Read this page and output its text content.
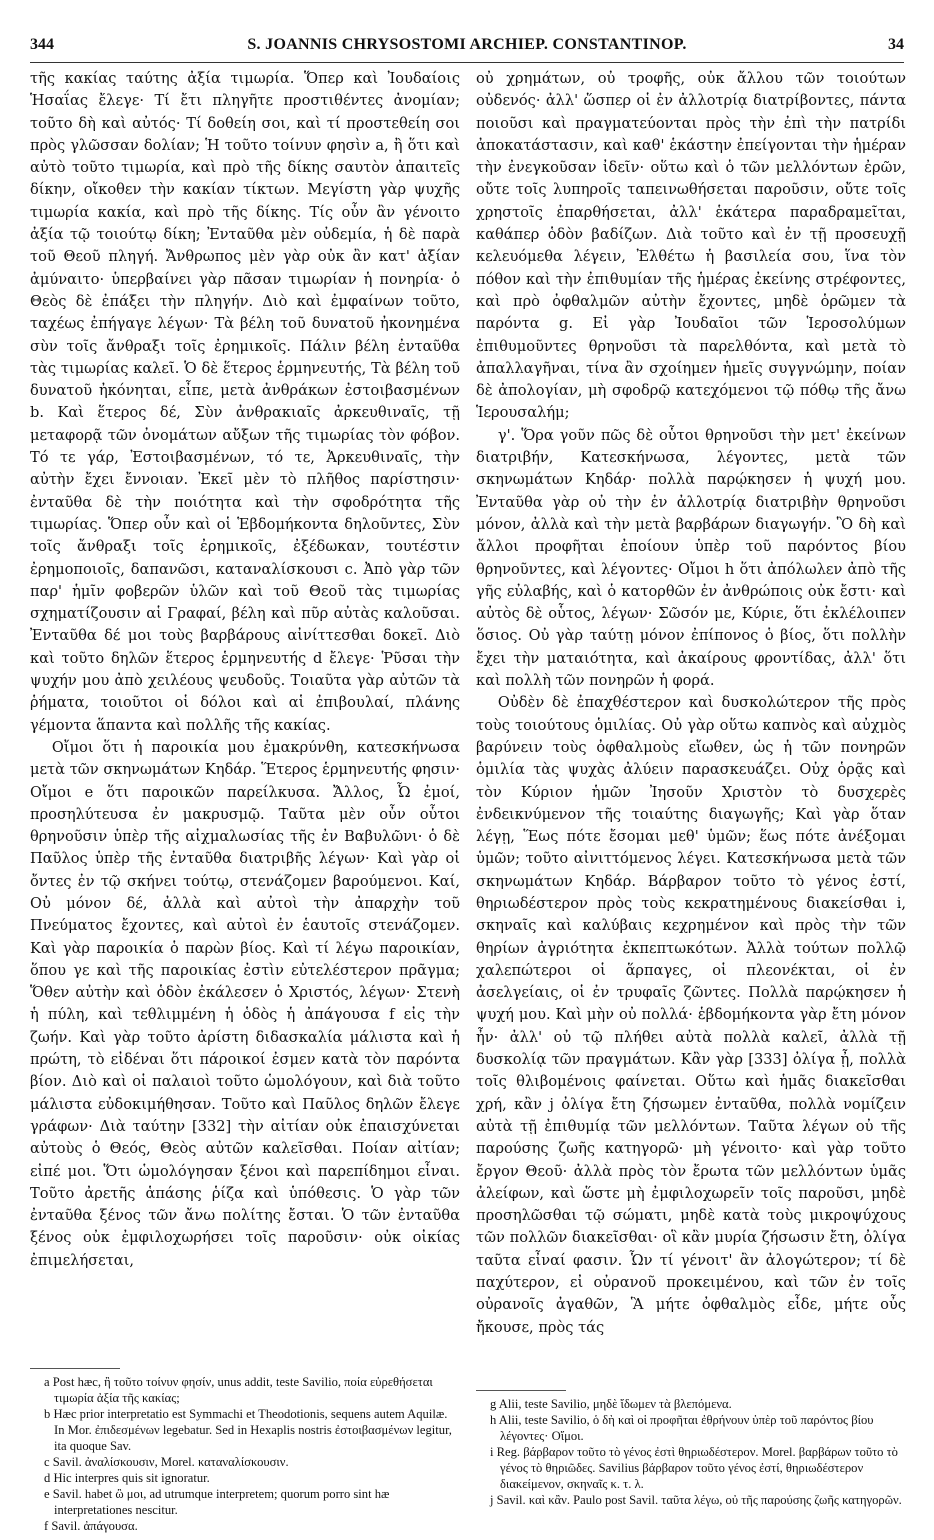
344	S. JOANNIS CHRYSOSTOMI ARCHIEP. CONSTANTINOP.	34

τῆς κακίας ταύτης ἀξία τιμωρία. Ὅπερ καὶ Ἰουδαίοις Ἡσαΐας ἔλεγε· Τί ἔτι πληγῆτε προστιθέντες ἀνομίαν; τοῦτο δὴ καὶ αὐτός· Τί δοθείη σοι, καὶ τί προστεθείη σοι πρὸς γλῶσσαν δολίαν; Ἡ τοῦτο τοίνυν φησὶν a, ἢ ὅτι καὶ αὐτὸ τοῦτο τιμωρία, καὶ πρὸ τῆς δίκης σαυτὸν ἀπαιτεῖς δίκην, οἴκοθεν τὴν κακίαν τίκτων. Μεγίστη γὰρ ψυχῆς τιμωρία κακία, καὶ πρὸ τῆς δίκης. Τίς οὖν ἂν γένοιτο ἀξία τῷ τοιούτῳ δίκη; Ἐνταῦθα μὲν οὐδεμία, ἡ δὲ παρὰ τοῦ Θεοῦ πληγή. Ἄνθρωπος μὲν γὰρ οὐκ ἂν κατ' ἀξίαν ἀμύναιτο· ὑπερβαίνει γὰρ πᾶσαν τιμωρίαν ἡ πονηρία· ὁ Θεὸς δὲ ἐπάξει τὴν πληγήν. Διὸ καὶ ἐμφαίνων τοῦτο, ταχέως ἐπήγαγε λέγων· Τὰ βέλη τοῦ δυνατοῦ ἠκονημένα σὺν τοῖς ἄνθραξι τοῖς ἐρημικοῖς. Πάλιν βέλη ἐνταῦθα τὰς τιμωρίας καλεῖ. Ὁ δὲ ἕτερος ἑρμηνευτής, Τὰ βέλη τοῦ δυνατοῦ ἠκόνηται, εἶπε, μετὰ ἀνθράκων ἐστοιβασμένων b. Καὶ ἕτερος δέ, Σὺν ἀνθρακιαῖς ἀρκευθιναῖς, τῇ μεταφορᾷ τῶν ὀνομάτων αὔξων τῆς τιμωρίας τὸν φόβον. Τό τε γάρ, Ἐστοιβασμένων, τό τε, Ἀρκευθιναῖς, τὴν αὐτὴν ἔχει ἔννοιαν. Ἐκεῖ μὲν τὸ πλῆθος παρίστησιν· ἐνταῦθα δὲ τὴν ποιότητα καὶ τὴν σφοδρότητα τῆς τιμωρίας. Ὅπερ οὖν καὶ οἱ Ἑβδομήκοντα δηλοῦντες, Σὺν τοῖς ἄνθραξι τοῖς ἐρημικοῖς, ἐξέδωκαν, τουτέστιν ἐρημοποιοῖς, δαπανῶσι, καταναλίσκουσι c. Ἀπὸ γὰρ τῶν παρ' ἡμῖν φοβερῶν ὑλῶν καὶ τοῦ Θεοῦ τὰς τιμωρίας σχηματίζουσιν αἱ Γραφαί, βέλη καὶ πῦρ αὐτὰς καλοῦσαι. Ἐνταῦθα δέ μοι τοὺς βαρβάρους αἰνίττεσθαι δοκεῖ. Διὸ καὶ τοῦτο δηλῶν ἕτερος ἑρμηνευτής d ἔλεγε· Ῥῦσαι τὴν ψυχήν μου ἀπὸ χειλέους ψευδοῦς. Τοιαῦτα γὰρ αὐτῶν τὰ ῥήματα, τοιοῦτοι οἱ δόλοι καὶ αἱ ἐπιβουλαί, πλάνης γέμοντα ἅπαντα καὶ πολλῆς τῆς κακίας.

Οἴμοι ὅτι ἡ παροικία μου ἐμακρύνθη, κατεσκήνωσα μετὰ τῶν σκηνωμάτων Κηδάρ. Ἕτερος ἑρμηνευτής φησιν· Οἴμοι e ὅτι παροικῶν παρείλκυσα. Ἄλλος, Ὦ ἐμοί, προσηλύτευσα ἐν μακρυσμῷ. Ταῦτα μὲν οὖν οὗτοι θρηνοῦσιν ὑπὲρ τῆς αἰχμαλωσίας τῆς ἐν Βαβυλῶνι· ὁ δὲ Παῦλος ὑπὲρ τῆς ἐνταῦθα διατριβῆς λέγων· Καὶ γὰρ οἱ ὄντες ἐν τῷ σκήνει τούτῳ, στενάζομεν βαρούμενοι. Καί, Οὐ μόνον δέ, ἀλλὰ καὶ αὐτοὶ τὴν ἀπαρχὴν τοῦ Πνεύματος ἔχοντες, καὶ αὐτοὶ ἐν ἑαυτοῖς στενάζομεν. Καὶ γὰρ παροικία ὁ παρὼν βίος. Καὶ τί λέγω παροικίαν, ὅπου γε καὶ τῆς παροικίας ἐστὶν εὐτελέστερον πρᾶγμα; Ὅθεν αὐτὴν καὶ ὁδὸν ἐκάλεσεν ὁ Χριστός, λέγων· Στενὴ ἡ πύλη, καὶ τεθλιμμένη ἡ ὁδὸς ἡ ἀπάγουσα f εἰς τὴν ζωήν. Καὶ γὰρ τοῦτο ἀρίστη διδασκαλία μάλιστα καὶ ἡ πρώτη, τὸ εἰδέναι ὅτι πάροικοί ἐσμεν κατὰ τὸν παρόντα βίον. Διὸ καὶ οἱ παλαιοὶ τοῦτο ὡμολόγουν, καὶ διὰ τοῦτο μάλιστα εὐδοκιμήθησαν. Τοῦτο καὶ Παῦλος δηλῶν ἔλεγε γράφων· Διὰ ταύτην [332] τὴν αἰτίαν οὐκ ἐπαισχύνεται αὐτοὺς ὁ Θεός, Θεὸς αὐτῶν καλεῖσθαι. Ποίαν αἰτίαν; εἰπέ μοι. Ὅτι ὡμολόγησαν ξένοι καὶ παρεπίδημοι εἶναι. Τοῦτο ἀρετῆς ἁπάσης ῥίζα καὶ ὑπόθεσις. Ὁ γὰρ τῶν ἐνταῦθα ξένος τῶν ἄνω πολίτης ἔσται. Ὁ τῶν ἐνταῦθα ξένος οὐκ ἐμφιλοχωρήσει τοῖς παροῦσιν· οὐκ οἰκίας ἐπιμελήσεται,

οὐ χρημάτων, οὐ τροφῆς, οὐκ ἄλλου τῶν τοιούτων οὐδενός· ἀλλ' ὥσπερ οἱ ἐν ἀλλοτρίᾳ διατρίβοντες, πάντα ποιοῦσι καὶ πραγματεύονται πρὸς τὴν ἐπὶ τὴν πατρίδι ἀποκατάστασιν, καὶ καθ' ἑκάστην ἐπείγονται τὴν ἡμέραν τὴν ἐνεγκοῦσαν ἰδεῖν· οὕτω καὶ ὁ τῶν μελλόντων ἐρῶν, οὔτε τοῖς λυπηροῖς ταπεινωθήσεται παροῦσιν, οὔτε τοῖς χρηστοῖς ἐπαρθήσεται, ἀλλ' ἑκάτερα παραδραμεῖται, καθάπερ ὁδὸν βαδίζων. Διὰ τοῦτο καὶ ἐν τῇ προσευχῇ κελευόμεθα λέγειν, Ἐλθέτω ἡ βασιλεία σου, ἵνα τὸν πόθον καὶ τὴν ἐπιθυμίαν τῆς ἡμέρας ἐκείνης στρέφοντες, καὶ πρὸ ὀφθαλμῶν αὐτὴν ἔχοντες, μηδὲ ὁρῶμεν τὰ παρόντα g. Εἰ γὰρ Ἰουδαῖοι τῶν Ἱεροσολύμων ἐπιθυμοῦντες θρηνοῦσι τὰ παρελθόντα, καὶ μετὰ τὸ ἀπαλλαγῆναι, τίνα ἂν σχοίημεν ἡμεῖς συγγνώμην, ποίαν δὲ ἀπολογίαν, μὴ σφοδρῷ κατεχόμενοι τῷ πόθῳ τῆς ἄνω Ἱερουσαλήμ;

γ'. Ὅρα γοῦν πῶς δὲ οὗτοι θρηνοῦσι τὴν μετ' ἐκείνων διατριβήν, Κατεσκήνωσα, λέγοντες, μετὰ τῶν σκηνωμάτων Κηδάρ· πολλὰ παρῴκησεν ἡ ψυχή μου. Ἐνταῦθα γὰρ οὐ τὴν ἐν ἀλλοτρίᾳ διατριβὴν θρηνοῦσι μόνον, ἀλλὰ καὶ τὴν μετὰ βαρβάρων διαγωγήν. Ὃ δὴ καὶ ἄλλοι προφῆται ἐποίουν ὑπὲρ τοῦ παρόντος βίου θρηνοῦντες, καὶ λέγοντες· Οἴμοι h ὅτι ἀπόλωλεν ἀπὸ τῆς γῆς εὐλαβής, καὶ ὁ κατορθῶν ἐν ἀνθρώποις οὐκ ἔστι· καὶ αὐτὸς δὲ οὗτος, λέγων· Σῶσόν με, Κύριε, ὅτι ἐκλέλοιπεν ὅσιος. Οὐ γὰρ ταύτῃ μόνον ἐπίπονος ὁ βίος, ὅτι πολλὴν ἔχει τὴν ματαιότητα, καὶ ἀκαίρους φροντίδας, ἀλλ' ὅτι καὶ πολλὴ τῶν πονηρῶν ἡ φορά.

Οὐδὲν δὲ ἐπαχθέστερον καὶ δυσκολώτερον τῆς πρὸς τοὺς τοιούτους ὁμιλίας. Οὐ γὰρ οὕτω καπνὸς καὶ αὐχμὸς βαρύνειν τοὺς ὀφθαλμοὺς εἴωθεν, ὡς ἡ τῶν πονηρῶν ὁμιλία τὰς ψυχὰς ἀλύειν παρασκευάζει. Οὐχ ὁρᾷς καὶ τὸν Κύριον ἡμῶν Ἰησοῦν Χριστὸν τὸ δυσχερὲς ἐνδεικνύμενον τῆς τοιαύτης διαγωγῆς; Καὶ γὰρ ὅταν λέγῃ, Ἕως πότε ἔσομαι μεθ' ὑμῶν; ἕως πότε ἀνέξομαι ὑμῶν; τοῦτο αἰνιττόμενος λέγει. Κατεσκήνωσα μετὰ τῶν σκηνωμάτων Κηδάρ. Βάρβαρον τοῦτο τὸ γένος ἐστί, θηριωδέστερον πρὸς τοὺς κεκρατημένους διακείσθαι i, σκηναῖς καὶ καλύβαις κεχρημένον καὶ πρὸς τὴν τῶν θηρίων ἀγριότητα ἐκπεπτωκότων. Ἀλλὰ τούτων πολλῷ χαλεπώτεροι οἱ ἅρπαγες, οἱ πλεονέκται, οἱ ἐν ἀσελγείαις, οἱ ἐν τρυφαῖς ζῶντες. Πολλὰ παρῴκησεν ἡ ψυχή μου. Καὶ μὴν οὐ πολλά· ἑβδομήκοντα γὰρ ἔτη μόνον ἦν· ἀλλ' οὐ τῷ πλήθει αὐτὰ πολλὰ καλεῖ, ἀλλὰ τῇ δυσκολίᾳ τῶν πραγμάτων. Κἂν γὰρ [333] ὀλίγα ᾖ, πολλὰ τοῖς θλιβομένοις φαίνεται. Οὕτω καὶ ἡμᾶς διακεῖσθαι χρή, κἂν j ὀλίγα ἔτη ζήσωμεν ἐνταῦθα, πολλὰ νομίζειν αὐτὰ τῇ ἐπιθυμίᾳ τῶν μελλόντων. Ταῦτα λέγων οὐ τῆς παρούσης ζωῆς κατηγορῶ· μὴ γένοιτο· καὶ γὰρ τοῦτο ἔργον Θεοῦ· ἀλλὰ πρὸς τὸν ἔρωτα τῶν μελλόντων ὑμᾶς ἀλείφων, καὶ ὥστε μὴ ἐμφιλοχωρεῖν τοῖς παροῦσι, μηδὲ προσηλῶσθαι τῷ σώματι, μηδὲ κατὰ τοὺς μικροψύχους τῶν πολλῶν διακεῖσθαι· οἳ κἂν μυρία ζήσωσιν ἔτη, ὀλίγα ταῦτα εἶναί φασιν. Ὧν τί γένοιτ' ἂν ἀλογώτερον; τί δὲ παχύτερον, εἰ οὐρανοῦ προκειμένου, καὶ τῶν ἐν τοῖς οὐρανοῖς ἀγαθῶν, Ἃ μήτε ὀφθαλμὸς εἶδε, μήτε οὖς ἤκουσε, πρὸς τάς

a Post hæc, ἢ τοῦτο τοίνυν φησίν, unus addit, teste Savilio, ποία εὑρεθήσεται τιμωρία ἀξία τῆς κακίας;

b Hæc prior interpretatio est Symmachi et Theodotionis, sequens autem Aquilæ. In Mor. ἐπιδεσμένων legebatur. Sed in Hexaplis nostris ἐστοιβασμένων legitur, ita quoque Sav.

c Savil. ἀναλίσκουσιν, Morel. καταναλίσκουσιν.

d Hic interpres quis sit ignoratur.

e Savil. habet ὢ μοι, ad utrumque interpretem; quorum porro sint hæ interpretationes nescitur.

f Savil. ἀπάγουσα.

g Alii, teste Savilio, μηδὲ ἴδωμεν τὰ βλεπόμενα.

h Alii, teste Savilio, ὁ δὴ καὶ οἱ προφῆται ἐθρήνουν ὑπὲρ τοῦ παρόντος βίου λέγοντες· Οἴμοι.

i Reg. βάρβαρον τοῦτο τὸ γένος ἐστὶ θηριωδέστερον. Morel. βαρβάρων τοῦτο τὸ γένος τὸ θηριῶδες. Savilius βάρβαρον τοῦτο γένος ἐστί, θηριωδέστερον διακείμενον, σκηναῖς κ. τ. λ.

j Savil. καὶ κἂν. Paulo post Savil. ταῦτα λέγω, οὐ τῆς παρούσης ζωῆς κατηγορῶν.
